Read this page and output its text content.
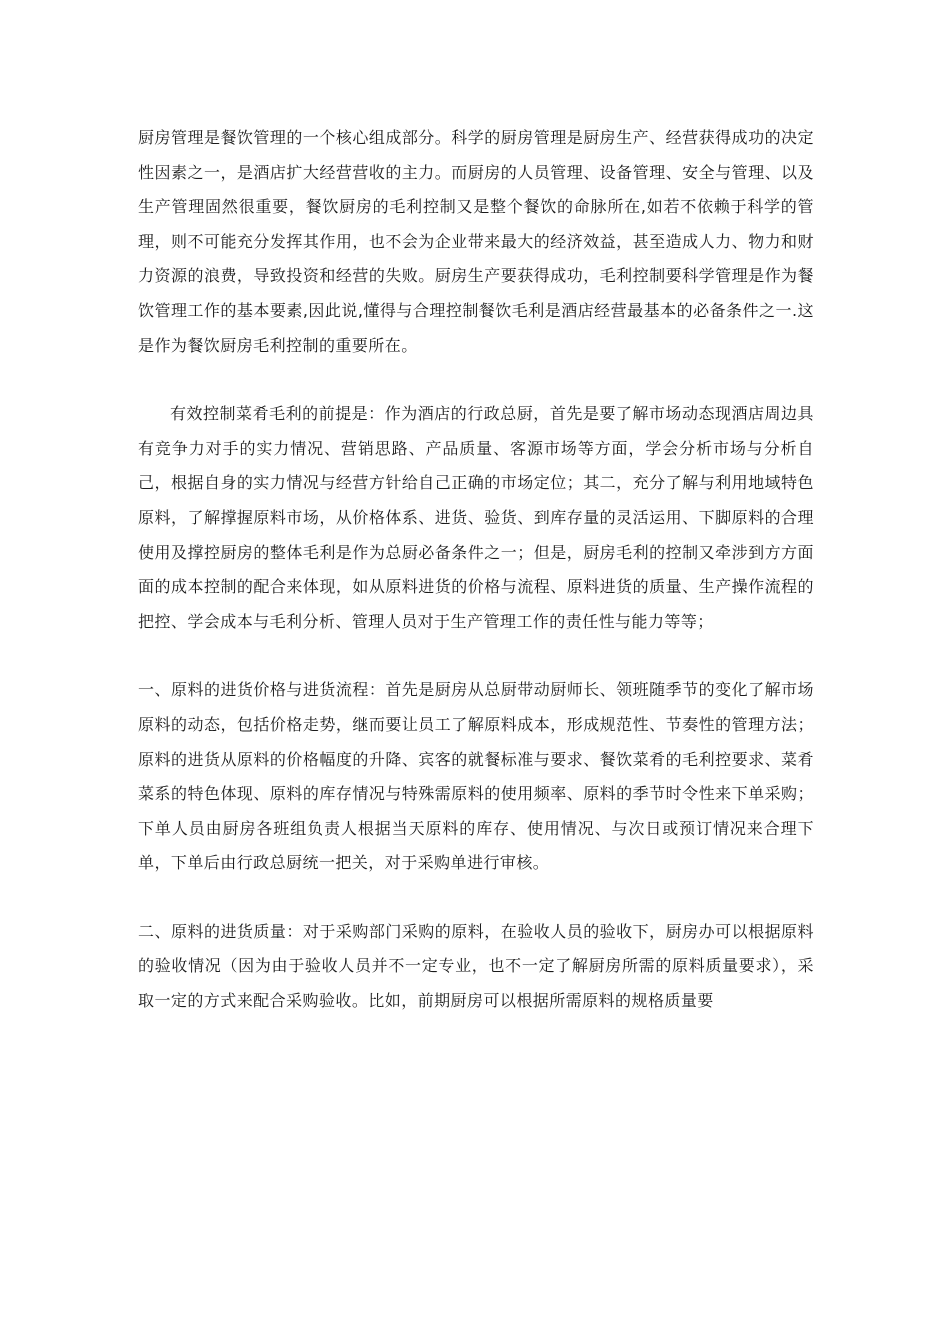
厨房管理是餐饮管理的一个核心组成部分。科学的厨房管理是厨房生产、经营获得成功的决定性因素之一，是酒店扩大经营营收的主力。而厨房的人员管理、设备管理、安全与管理、以及生产管理固然很重要，餐饮厨房的毛利控制又是整个餐饮的命脉所在,如若不依赖于科学的管理，则不可能充分发挥其作用，也不会为企业带来最大的经济效益，甚至造成人力、物力和财力资源的浪费，导致投资和经营的失败。厨房生产要获得成功，毛利控制要科学管理是作为餐饮管理工作的基本要素,因此说,懂得与合理控制餐饮毛利是酒店经营最基本的必备条件之一.这是作为餐饮厨房毛利控制的重要所在。

有效控制菜肴毛利的前提是：作为酒店的行政总厨，首先是要了解市场动态现酒店周边具有竞争力对手的实力情况、营销思路、产品质量、客源市场等方面，学会分析市场与分析自己，根据自身的实力情况与经营方针给自己正确的市场定位；其二，充分了解与利用地域特色原料，了解撑握原料市场，从价格体系、进货、验货、到库存量的灵活运用、下脚原料的合理使用及撑控厨房的整体毛利是作为总厨必备条件之一；但是，厨房毛利的控制又牵涉到方方面面的成本控制的配合来体现，如从原料进货的价格与流程、原料进货的质量、生产操作流程的把控、学会成本与毛利分析、管理人员对于生产管理工作的责任性与能力等等；

一、原料的进货价格与进货流程：首先是厨房从总厨带动厨师长、领班随季节的变化了解市场原料的动态，包括价格走势，继而要让员工了解原料成本，形成规范性、节奏性的管理方法；原料的进货从原料的价格幅度的升降、宾客的就餐标准与要求、餐饮菜肴的毛利控要求、菜肴菜系的特色体现、原料的库存情况与特殊需原料的使用频率、原料的季节时令性来下单采购；下单人员由厨房各班组负责人根据当天原料的库存、使用情况、与次日或预订情况来合理下单，下单后由行政总厨统一把关，对于采购单进行审核。

二、原料的进货质量：对于采购部门采购的原料，在验收人员的验收下，厨房办可以根据原料的验收情况（因为由于验收人员并不一定专业，也不一定了解厨房所需的原料质量要求），采取一定的方式来配合采购验收。比如，前期厨房可以根据所需原料的规格质量要
